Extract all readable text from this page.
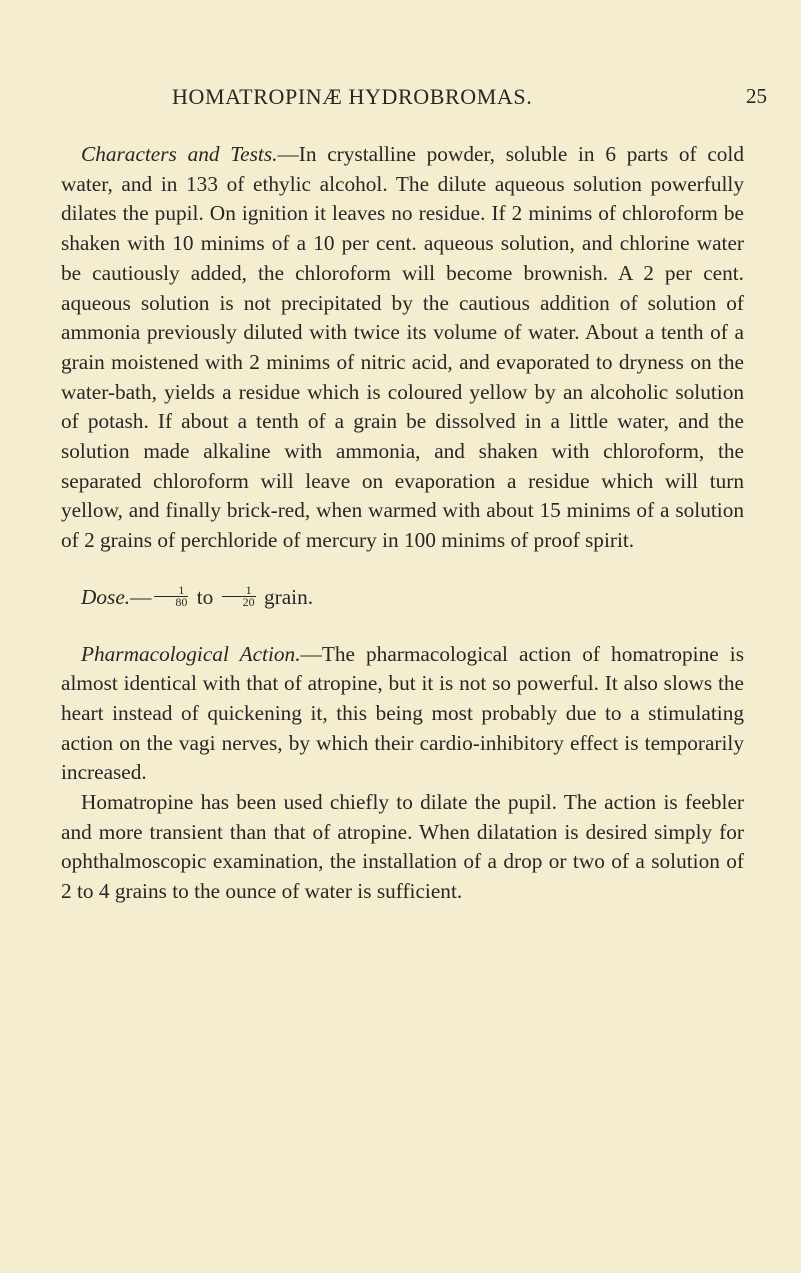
HOMATROPINÆ HYDROBROMAS.	25

Characters and Tests.—In crystalline powder, soluble in 6 parts of cold water, and in 133 of ethylic alcohol. The dilute aqueous solution powerfully dilates the pupil. On ignition it leaves no residue. If 2 minims of chloroform be shaken with 10 minims of a 10 per cent. aqueous solution, and chlorine water be cautiously added, the chloroform will become brownish. A 2 per cent. aqueous solution is not precipitated by the cautious addition of solution of ammonia previously diluted with twice its volume of water. About a tenth of a grain moistened with 2 minims of nitric acid, and evaporated to dryness on the water-bath, yields a residue which is coloured yellow by an alcoholic solution of potash. If about a tenth of a grain be dissolved in a little water, and the solution made alkaline with ammonia, and shaken with chloroform, the separated chloroform will leave on evaporation a residue which will turn yellow, and finally brick-red, when warmed with about 15 minims of a solution of 2 grains of perchloride of mercury in 100 minims of proof spirit.

Dose.— $\frac{1}{80}$ to $\frac{1}{20}$ grain.

Pharmacological Action.—The pharmacological action of homatropine is almost identical with that of atropine, but it is not so powerful. It also slows the heart instead of quickening it, this being most probably due to a stimulating action on the vagi nerves, by which their cardio-inhibitory effect is temporarily increased.

Homatropine has been used chiefly to dilate the pupil. The action is feebler and more transient than that of atropine. When dilatation is desired simply for ophthalmoscopic examination, the installation of a drop or two of a solution of 2 to 4 grains to the ounce of water is sufficient.
